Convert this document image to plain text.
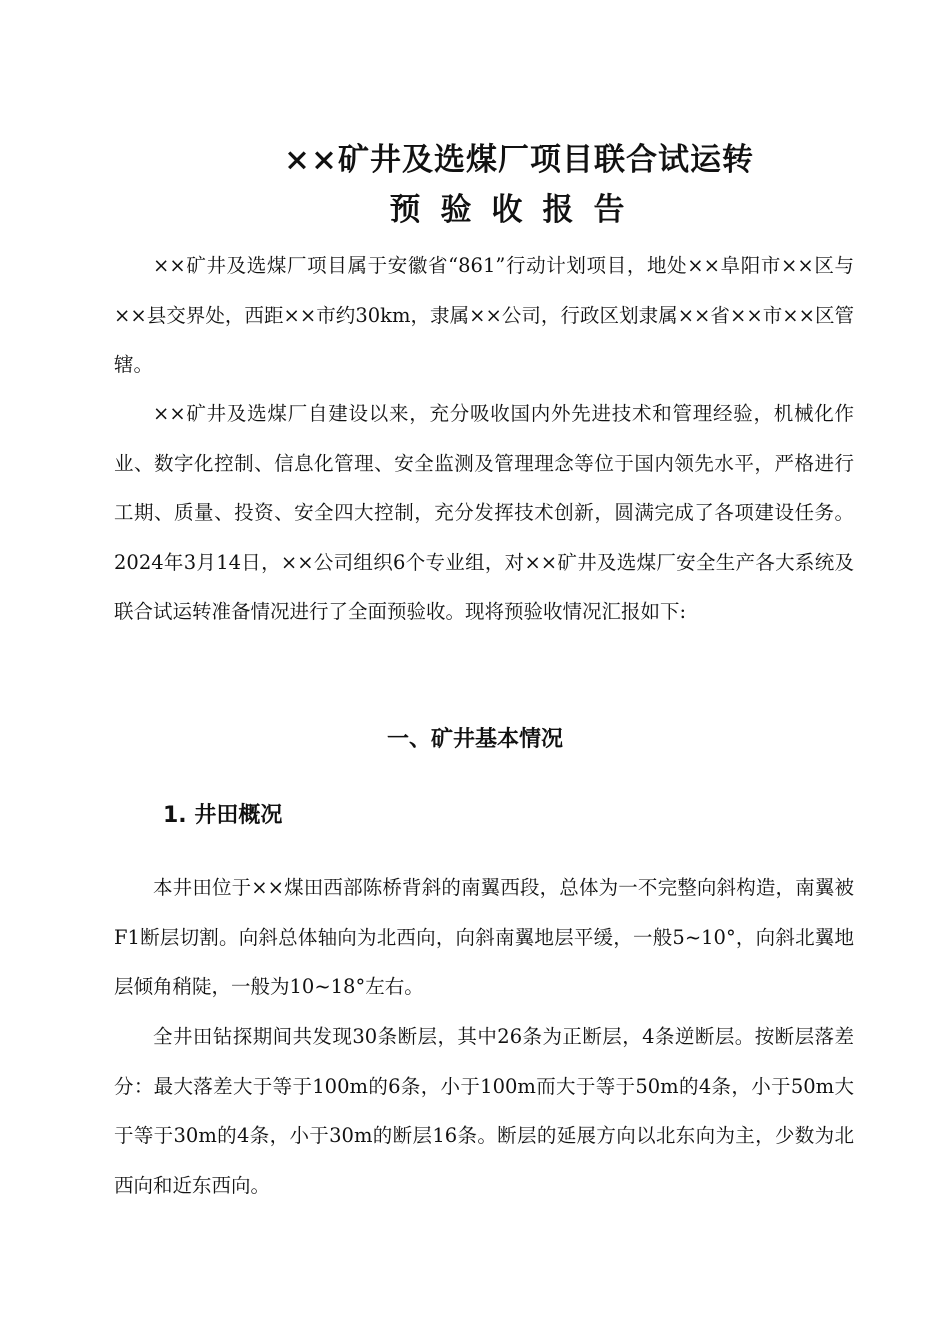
××矿井及选煤厂项目联合试运转
预验收报告

××矿井及选煤厂项目属于安徽省“861”行动计划项目，地处××阜阳市××区与××县交界处，西距××市约30km，隶属××公司，行政区划隶属××省××市××区管辖。

××矿井及选煤厂自建设以来，充分吸收国内外先进技术和管理经验，机械化作业、数字化控制、信息化管理、安全监测及管理理念等位于国内领先水平，严格进行工期、质量、投资、安全四大控制，充分发挥技术创新，圆满完成了各项建设任务。2024年3月14日，××公司组织6个专业组，对××矿井及选煤厂安全生产各大系统及联合试运转准备情况进行了全面预验收。现将预验收情况汇报如下:

一、矿井基本情况
1. 井田概况

本井田位于××煤田西部陈桥背斜的南翼西段，总体为一不完整向斜构造，南翼被F1断层切割。向斜总体轴向为北西向，向斜南翼地层平缓，一般5~10°，向斜北翼地层倾角稍陡，一般为10~18°左右。

全井田钻探期间共发现30条断层，其中26条为正断层，4条逆断层。按断层落差分：最大落差大于等于100m的6条，小于100m而大于等于50m的4条，小于50m大于等于30m的4条，小于30m的断层16条。断层的延展方向以北东向为主，少数为北西向和近东西向。
